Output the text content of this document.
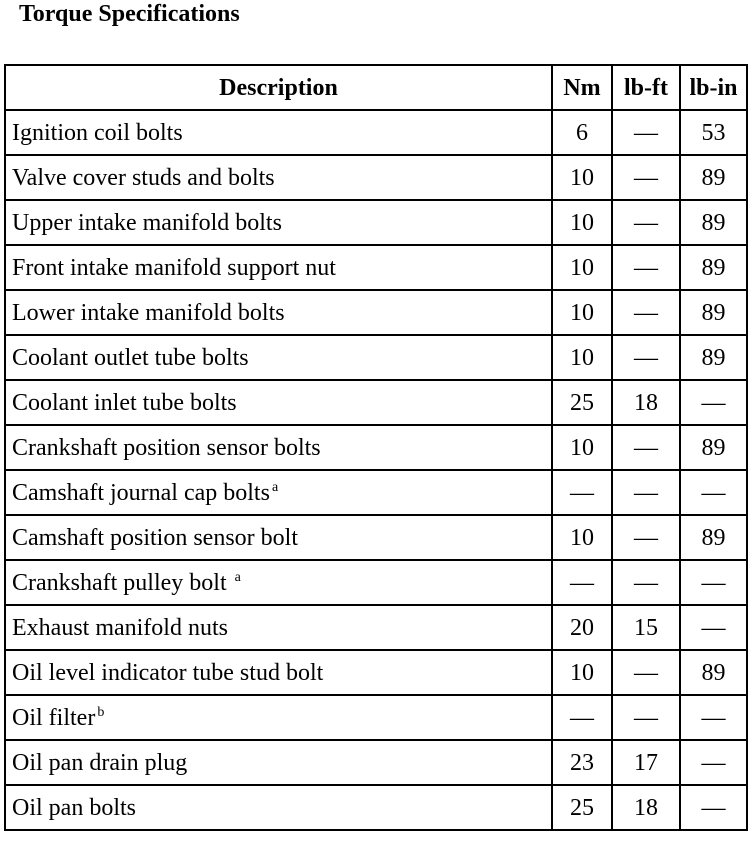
Torque Specifications
Description	Nm	lb-ft	lb-in
Ignition coil bolts	6	—	53
Valve cover studs and bolts	10	—	89
Upper intake manifold bolts	10	—	89
Front intake manifold support nut	10	—	89
Lower intake manifold bolts	10	—	89
Coolant outlet tube bolts	10	—	89
Coolant inlet tube bolts	25	18	—
Crankshaft position sensor bolts	10	—	89
Camshaft journal cap bolts $^a$	—	—	—
Camshaft position sensor bolt	10	—	89
Crankshaft pulley bolt $^a$	—	—	—
Exhaust manifold nuts	20	15	—
Oil level indicator tube stud bolt	10	—	89
Oil filter $^b$	—	—	—
Oil pan drain plug	23	17	—
Oil pan bolts	25	18	—
